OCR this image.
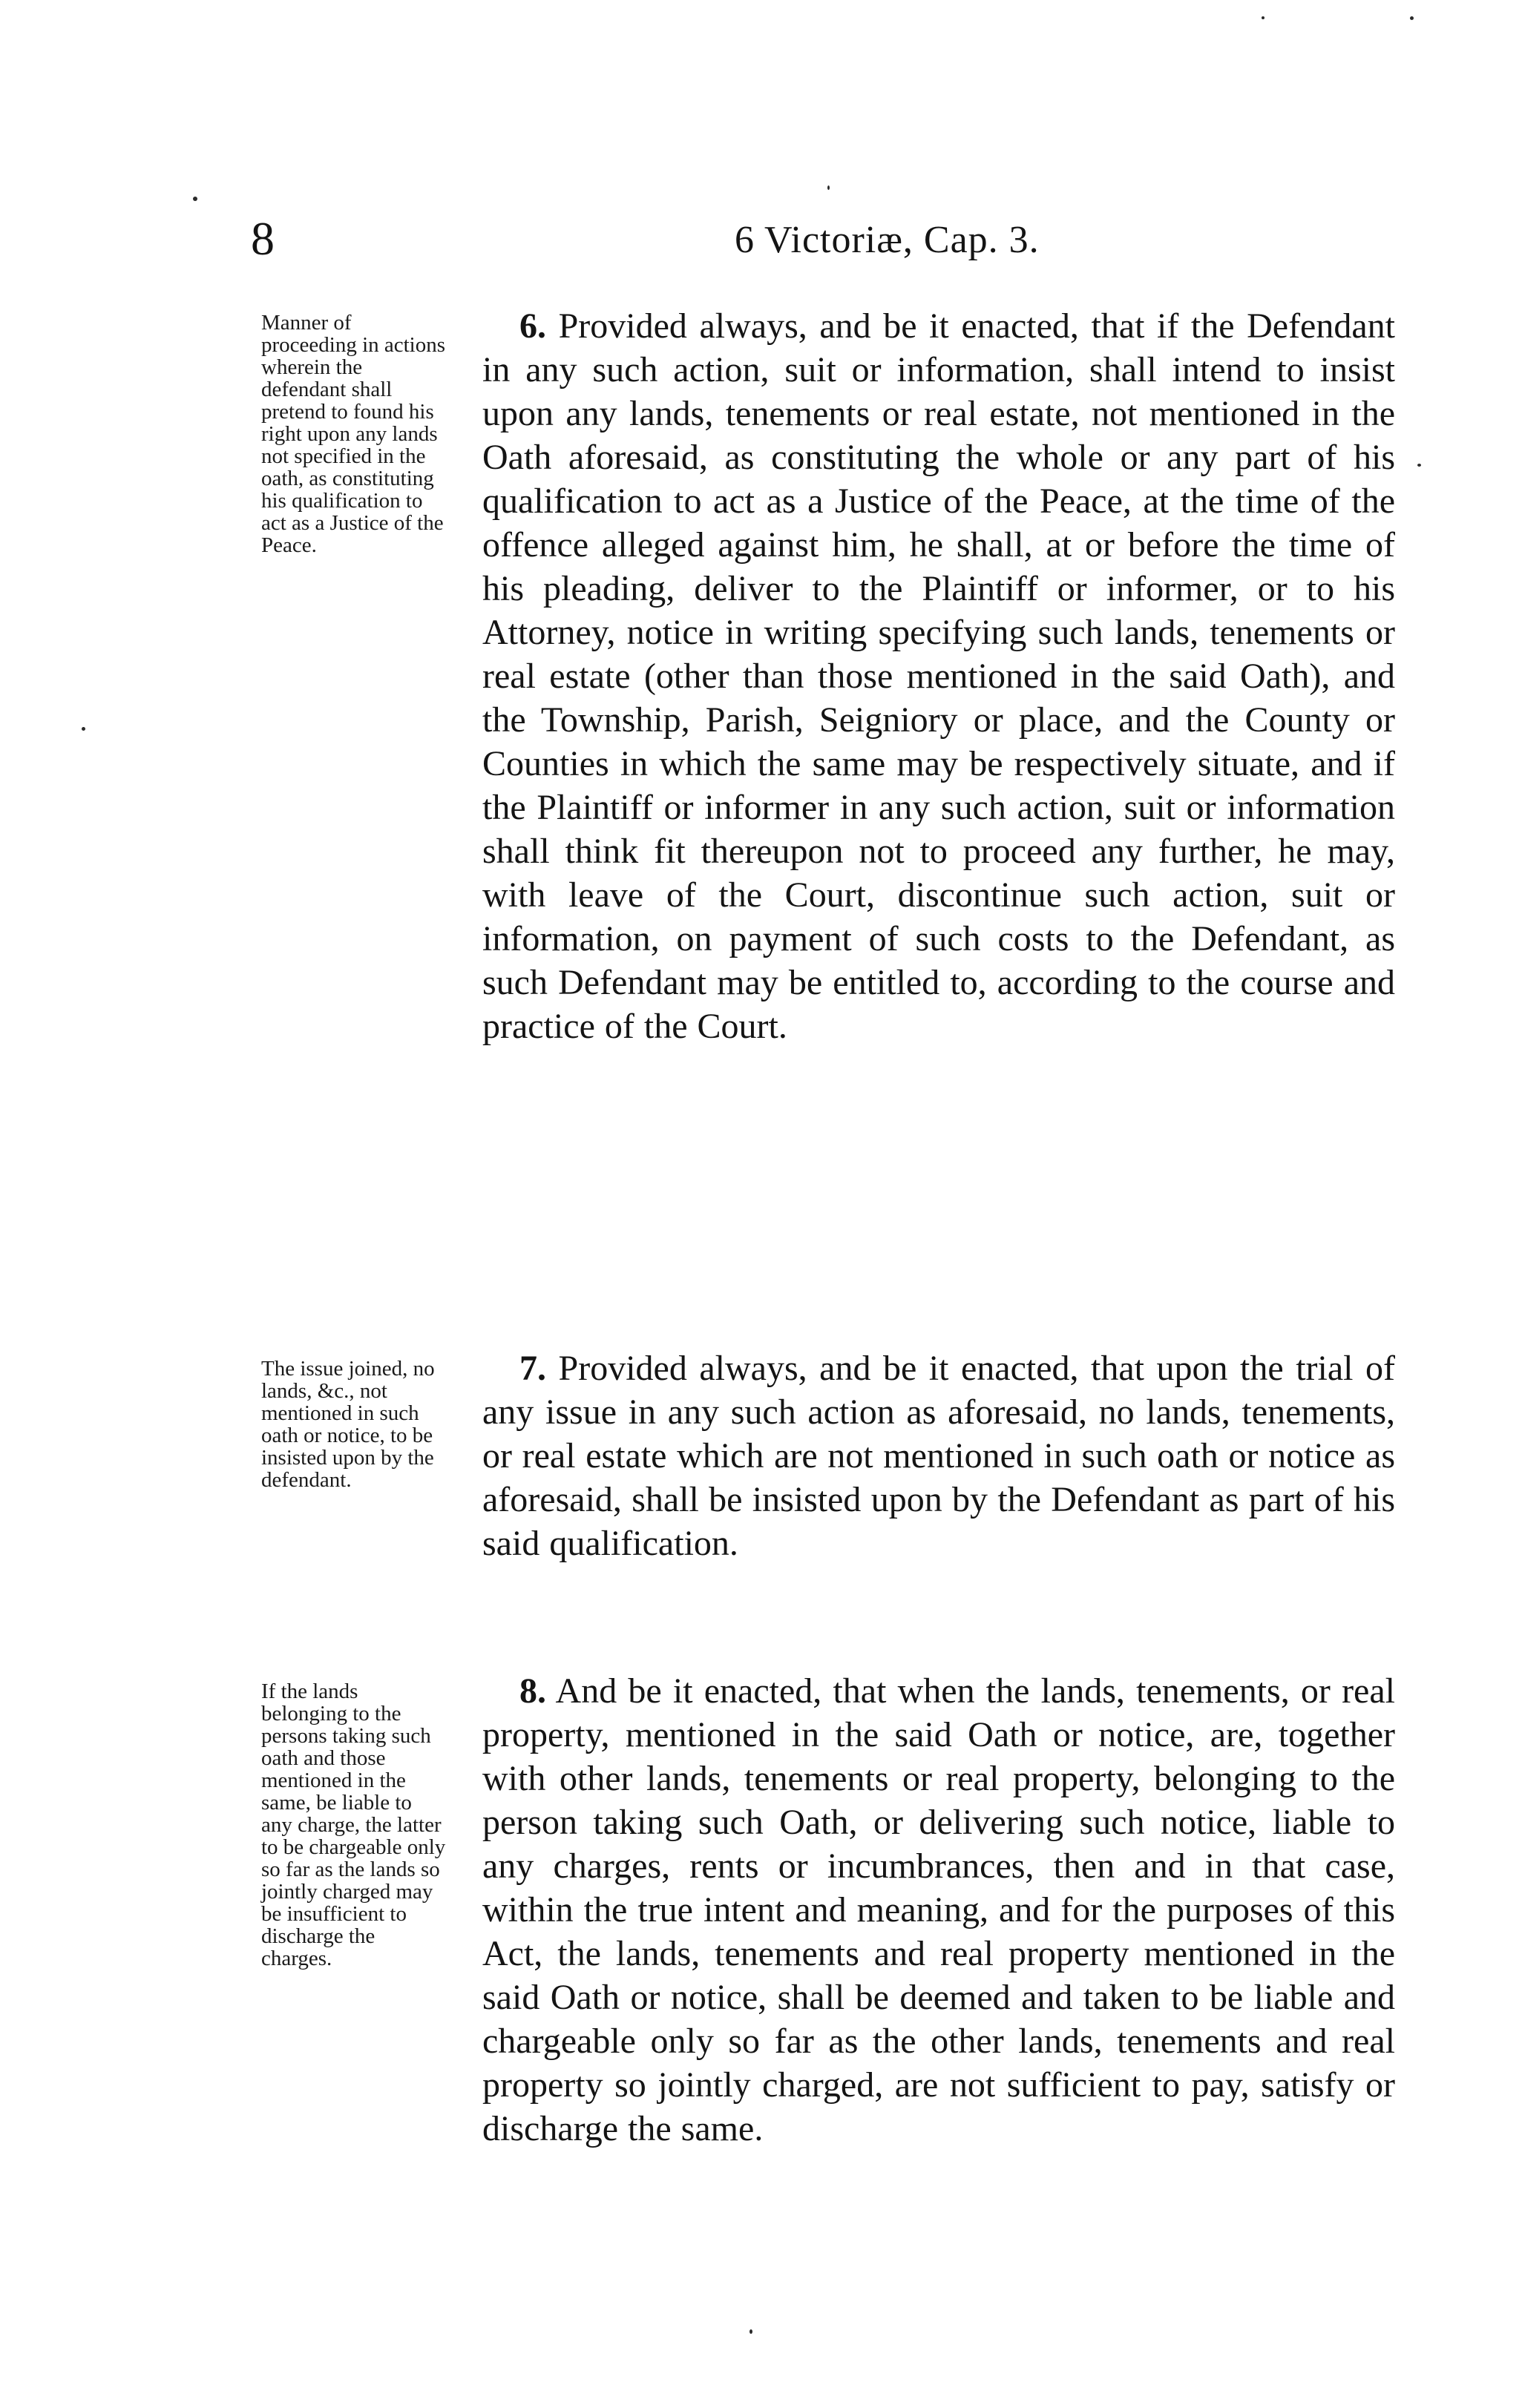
8	6 Victoriæ, Cap. 3.
Manner of proceeding in actions wherein the defendant shall pretend to found his right upon any lands not specified in the oath, as constituting his qualification to act as a Justice of the Peace.
6. Provided always, and be it enacted, that if the Defendant in any such action, suit or information, shall intend to insist upon any lands, tenements or real estate, not mentioned in the Oath aforesaid, as constituting the whole or any part of his qualification to act as a Justice of the Peace, at the time of the offence alleged against him, he shall, at or before the time of his pleading, deliver to the Plaintiff or informer, or to his Attorney, notice in writing specifying such lands, tenements or real estate (other than those mentioned in the said Oath), and the Township, Parish, Seigniory or place, and the County or Counties in which the same may be respectively situate, and if the Plaintiff or informer in any such action, suit or information shall think fit thereupon not to proceed any further, he may, with leave of the Court, discontinue such action, suit or information, on payment of such costs to the Defendant, as such Defendant may be entitled to, according to the course and practice of the Court.
The issue joined, no lands, &c., not mentioned in such oath or notice, to be insisted upon by the defendant.
7. Provided always, and be it enacted, that upon the trial of any issue in any such action as aforesaid, no lands, tenements, or real estate which are not mentioned in such oath or notice as aforesaid, shall be insisted upon by the Defendant as part of his said qualification.
If the lands belonging to the persons taking such oath and those mentioned in the same, be liable to any charge, the latter to be chargeable only so far as the lands so jointly charged may be insufficient to discharge the charges.
8. And be it enacted, that when the lands, tenements, or real property, mentioned in the said Oath or notice, are, together with other lands, tenements or real property, belonging to the person taking such Oath, or delivering such notice, liable to any charges, rents or incumbrances, then and in that case, within the true intent and meaning, and for the purposes of this Act, the lands, tenements and real property mentioned in the said Oath or notice, shall be deemed and taken to be liable and chargeable only so far as the other lands, tenements and real property so jointly charged, are not sufficient to pay, satisfy or discharge the same.
